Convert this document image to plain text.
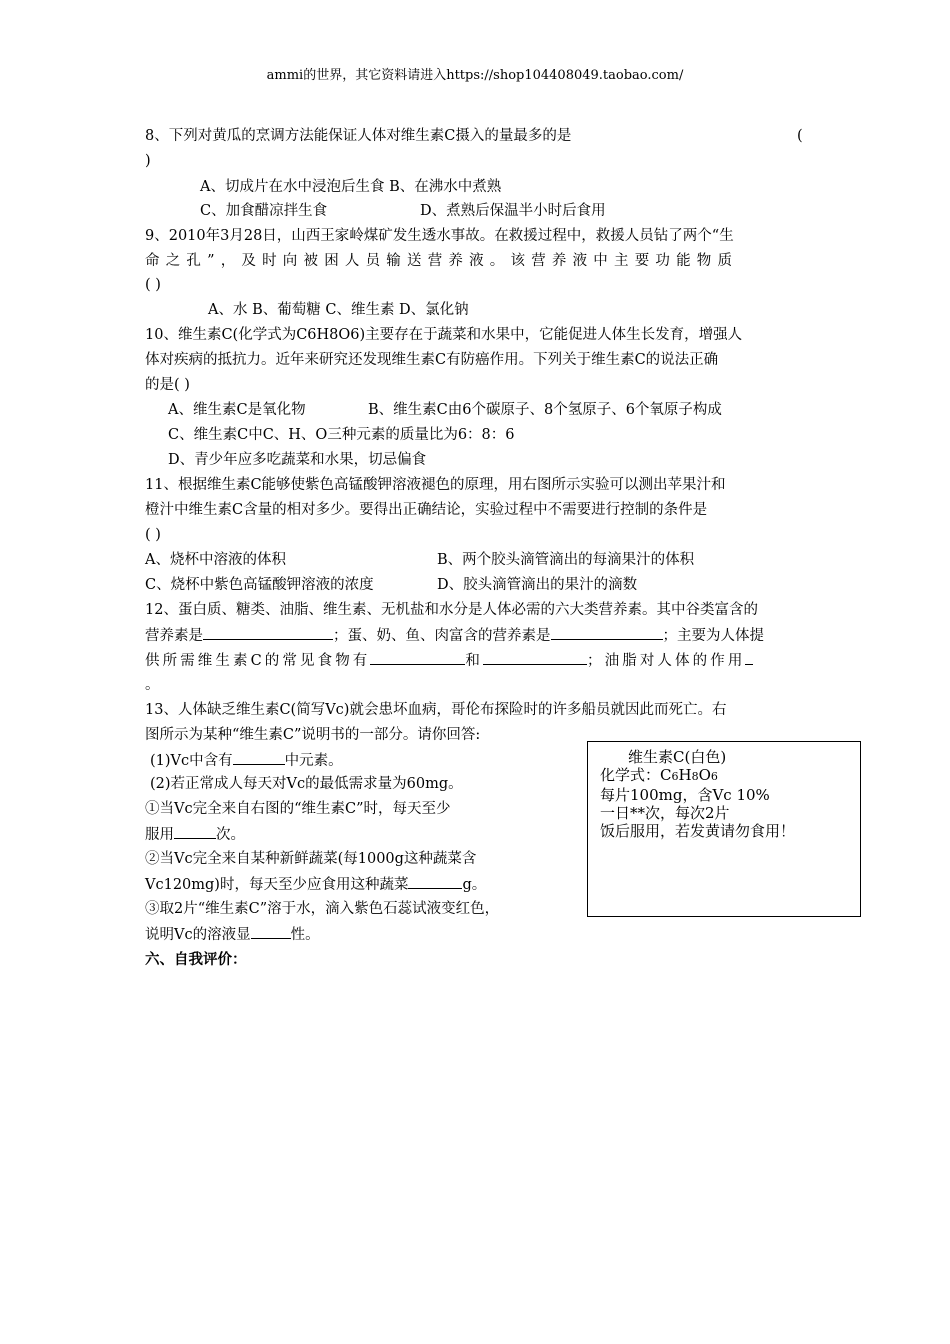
ammi的世界，其它资料请进入https://shop104408049.taobao.com/
8、下列对黄瓜的烹调方法能保证人体对维生素C摄入的量最多的是	(
)
A、切成片在水中浸泡后生食 B、在沸水中煮熟
C、加食醋凉拌生食	D、煮熟后保温半小时后食用
9、2010年3月28日，山西王家岭煤矿发生透水事故。在救援过程中，救援人员钻了两个“生
命之孔”，及时向被困人员输送营养液。该营养液中主要功能物质
( )
A、水 B、葡萄糖 C、维生素 D、氯化钠
10、维生素C(化学式为C6H8O6)主要存在于蔬菜和水果中，它能促进人体生长发育，增强人
体对疾病的抵抗力。近年来研究还发现维生素C有防癌作用。下列关于维生素C的说法正确
的是( )
A、维生素C是氧化物	B、维生素C由6个碳原子、8个氢原子、6个氧原子构成
C、维生素C中C、H、O三种元素的质量比为6：8：6
D、青少年应多吃蔬菜和水果，切忌偏食
11、根据维生素C能够使紫色高锰酸钾溶液褪色的原理，用右图所示实验可以测出苹果汁和
橙汁中维生素C含量的相对多少。要得出正确结论，实验过程中不需要进行控制的条件是
( )
A、烧杯中溶液的体积	B、两个胶头滴管滴出的每滴果汁的体积
C、烧杯中紫色高锰酸钾溶液的浓度	D、胶头滴管滴出的果汁的滴数
12、蛋白质、糖类、油脂、维生素、无机盐和水分是人体必需的六大类营养素。其中谷类富含的
营养素是	；蛋、奶、鱼、肉富含的营养素是	；主要为人体提
供所需维生素C的常见食物有	和	；油脂对人体的作用
。
13、人体缺乏维生素C(简写Vc)就会患坏血病，哥伦布探险时的许多船员就因此而死亡。右
图所示为某种“维生素C”说明书的一部分。请你回答:
(1)Vc中含有	中元素。
(2)若正常成人每天对Vc的最低需求量为60mg。
①当Vc完全来自右图的“维生素C”时，每天至少
服用	次。
②当Vc完全来自某种新鲜蔬菜(每1000g这种蔬菜含
Vc120mg)时，每天至少应食用这种蔬菜	g。
③取2片“维生素C”溶于水，滴入紫色石蕊试液变红色，
说明Vc的溶液显	性。
维生素C(白色)
化学式：C6H8O6
每片100mg，含Vc 10%
一日**次，每次2片
饭后服用，若发黄请勿食用！
六、自我评价：
